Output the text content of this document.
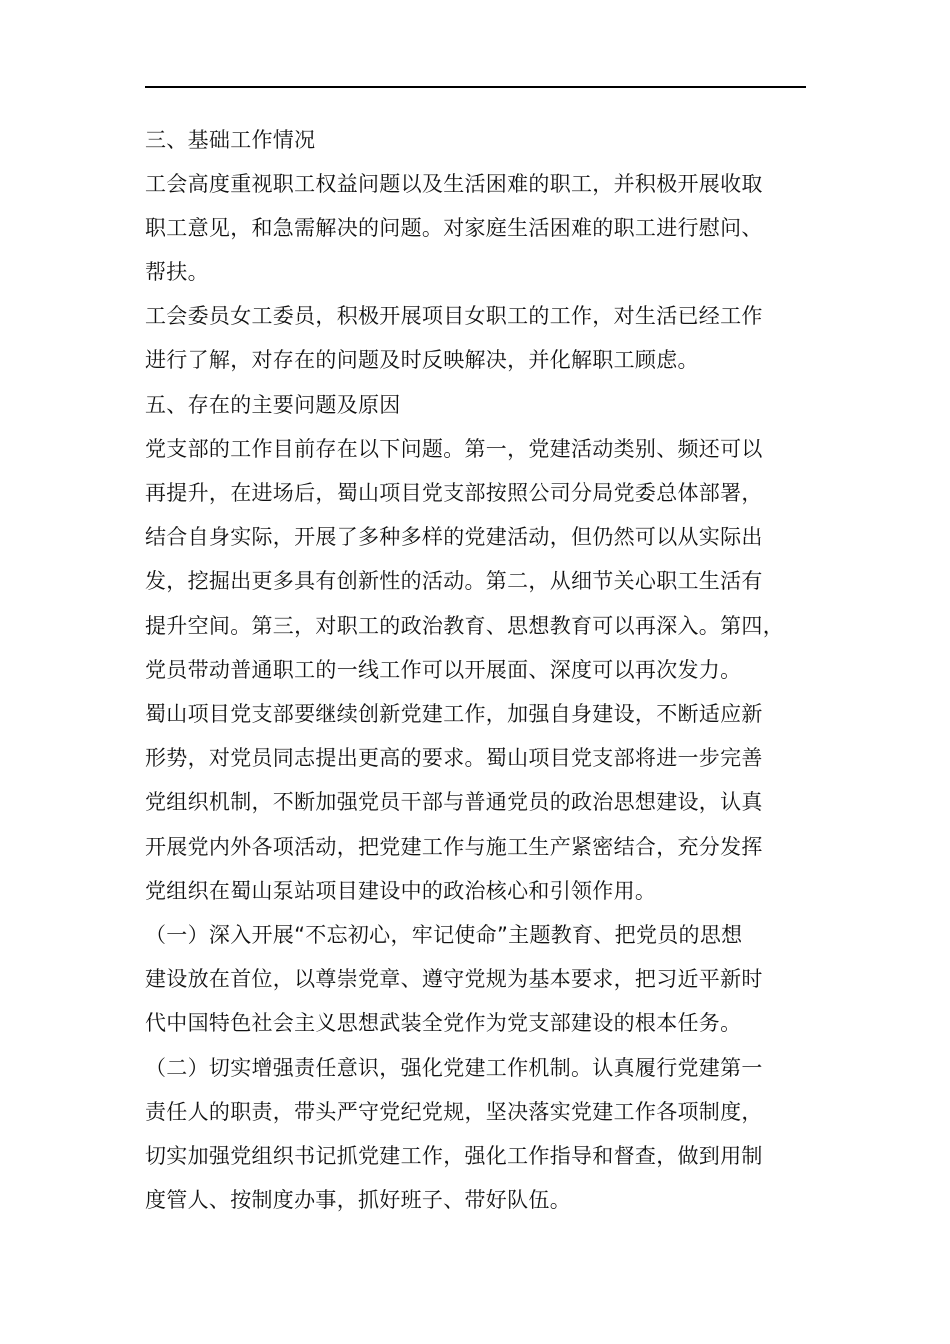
三、基础工作情况
工会高度重视职工权益问题以及生活困难的职工，并积极开展收取
职工意见，和急需解决的问题。对家庭生活困难的职工进行慰问、
帮扶。
工会委员女工委员，积极开展项目女职工的工作，对生活已经工作
进行了解，对存在的问题及时反映解决，并化解职工顾虑。
五、存在的主要问题及原因
党支部的工作目前存在以下问题。第一，党建活动类别、频还可以
再提升，在进场后，蜀山项目党支部按照公司分局党委总体部署，
结合自身实际，开展了多种多样的党建活动，但仍然可以从实际出
发，挖掘出更多具有创新性的活动。第二，从细节关心职工生活有
提升空间。第三，对职工的政治教育、思想教育可以再深入。第四，
党员带动普通职工的一线工作可以开展面、深度可以再次发力。
蜀山项目党支部要继续创新党建工作，加强自身建设，不断适应新
形势，对党员同志提出更高的要求。蜀山项目党支部将进一步完善
党组织机制，不断加强党员干部与普通党员的政治思想建设，认真
开展党内外各项活动，把党建工作与施工生产紧密结合，充分发挥
党组织在蜀山泵站项目建设中的政治核心和引领作用。
（一）深入开展“不忘初心，牢记使命”主题教育、把党员的思想
建设放在首位，以尊崇党章、遵守党规为基本要求，把习近平新时
代中国特色社会主义思想武装全党作为党支部建设的根本任务。
（二）切实增强责任意识，强化党建工作机制。认真履行党建第一
责任人的职责，带头严守党纪党规，坚决落实党建工作各项制度，
切实加强党组织书记抓党建工作，强化工作指导和督查，做到用制
度管人、按制度办事，抓好班子、带好队伍。
